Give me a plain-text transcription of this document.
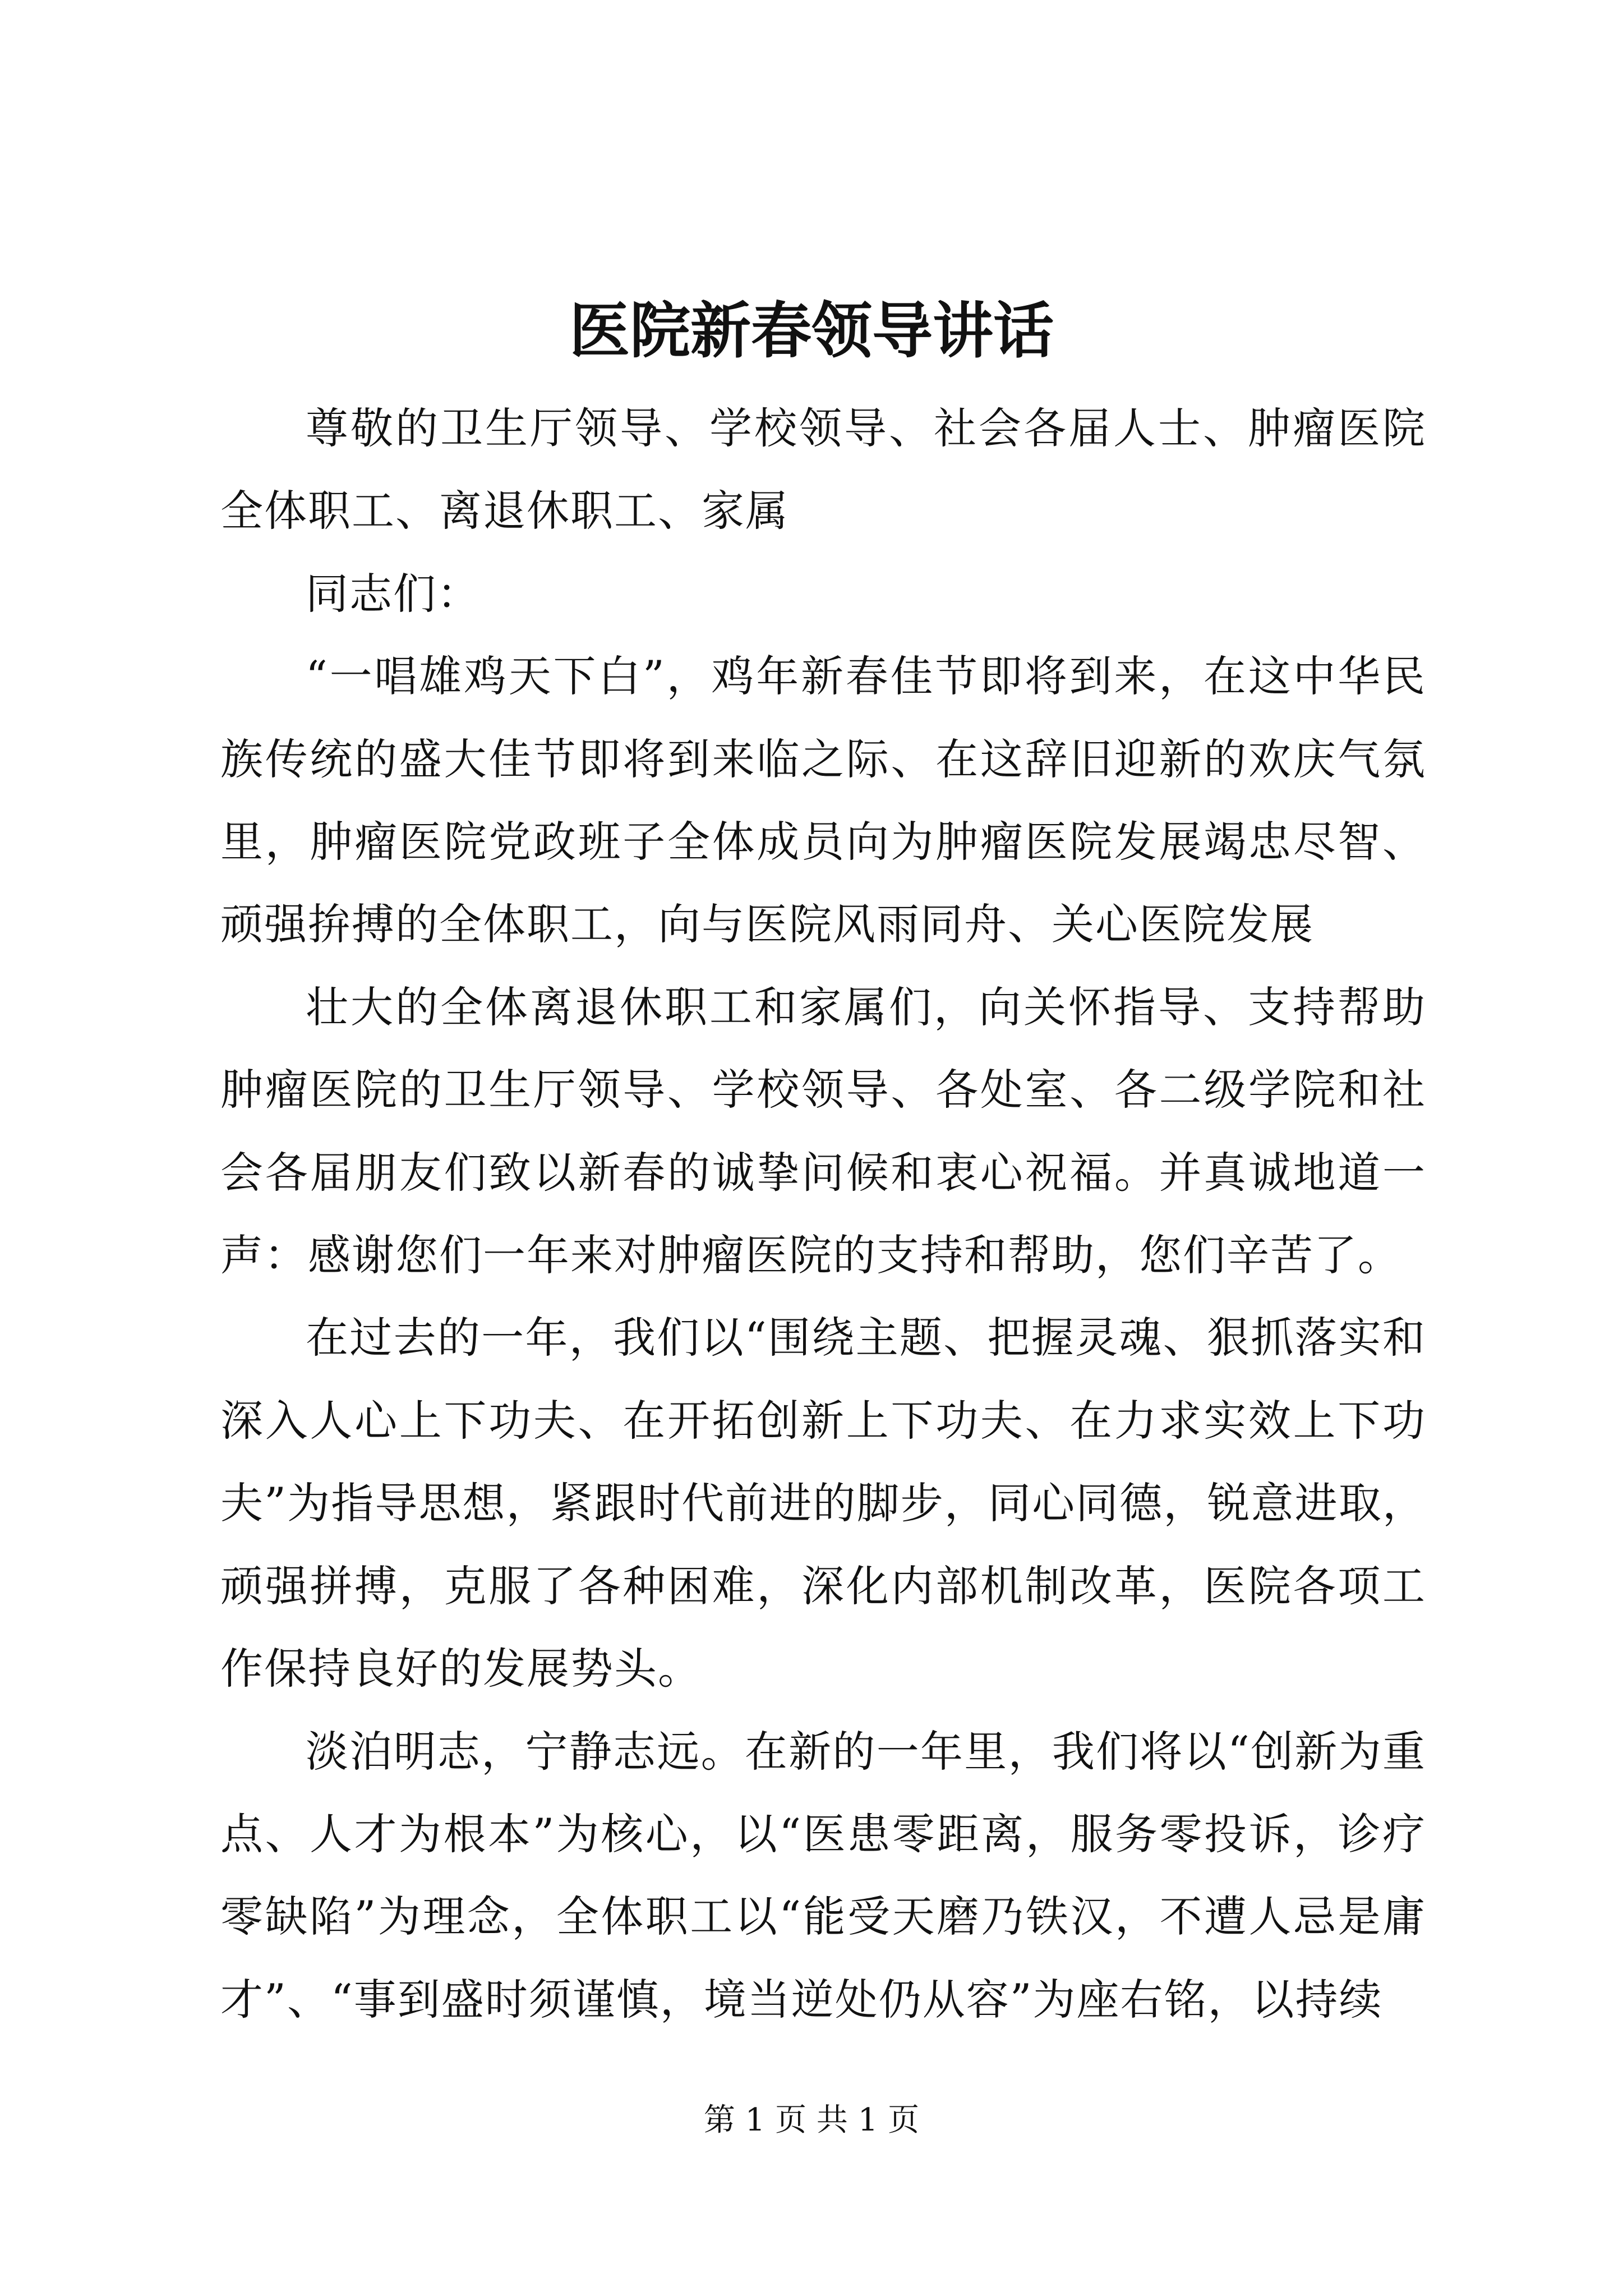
医院新春领导讲话

尊敬的卫生厅领导、学校领导、社会各届人士、肿瘤医院全体职工、离退休职工、家属

同志们：

“一唱雄鸡天下白”，鸡年新春佳节即将到来，在这中华民族传统的盛大佳节即将到来临之际、在这辞旧迎新的欢庆气氛里，肿瘤医院党政班子全体成员向为肿瘤医院发展竭忠尽智、顽强拚搏的全体职工，向与医院风雨同舟、关心医院发展

壮大的全体离退休职工和家属们，向关怀指导、支持帮助肿瘤医院的卫生厅领导、学校领导、各处室、各二级学院和社会各届朋友们致以新春的诚挚问候和衷心祝福。并真诚地道一声：感谢您们一年来对肿瘤医院的支持和帮助，您们辛苦了。

在过去的一年，我们以“围绕主题、把握灵魂、狠抓落实和深入人心上下功夫、在开拓创新上下功夫、在力求实效上下功夫”为指导思想，紧跟时代前进的脚步，同心同德，锐意进取，顽强拼搏，克服了各种困难，深化内部机制改革，医院各项工作保持良好的发展势头。

淡泊明志，宁静志远。在新的一年里，我们将以“创新为重点、人才为根本”为核心，以“医患零距离，服务零投诉，诊疗零缺陷”为理念，全体职工以“能受天磨乃铁汉，不遭人忌是庸才”、“事到盛时须谨慎，境当逆处仍从容”为座右铭，以持续

第 1 页 共 1 页
